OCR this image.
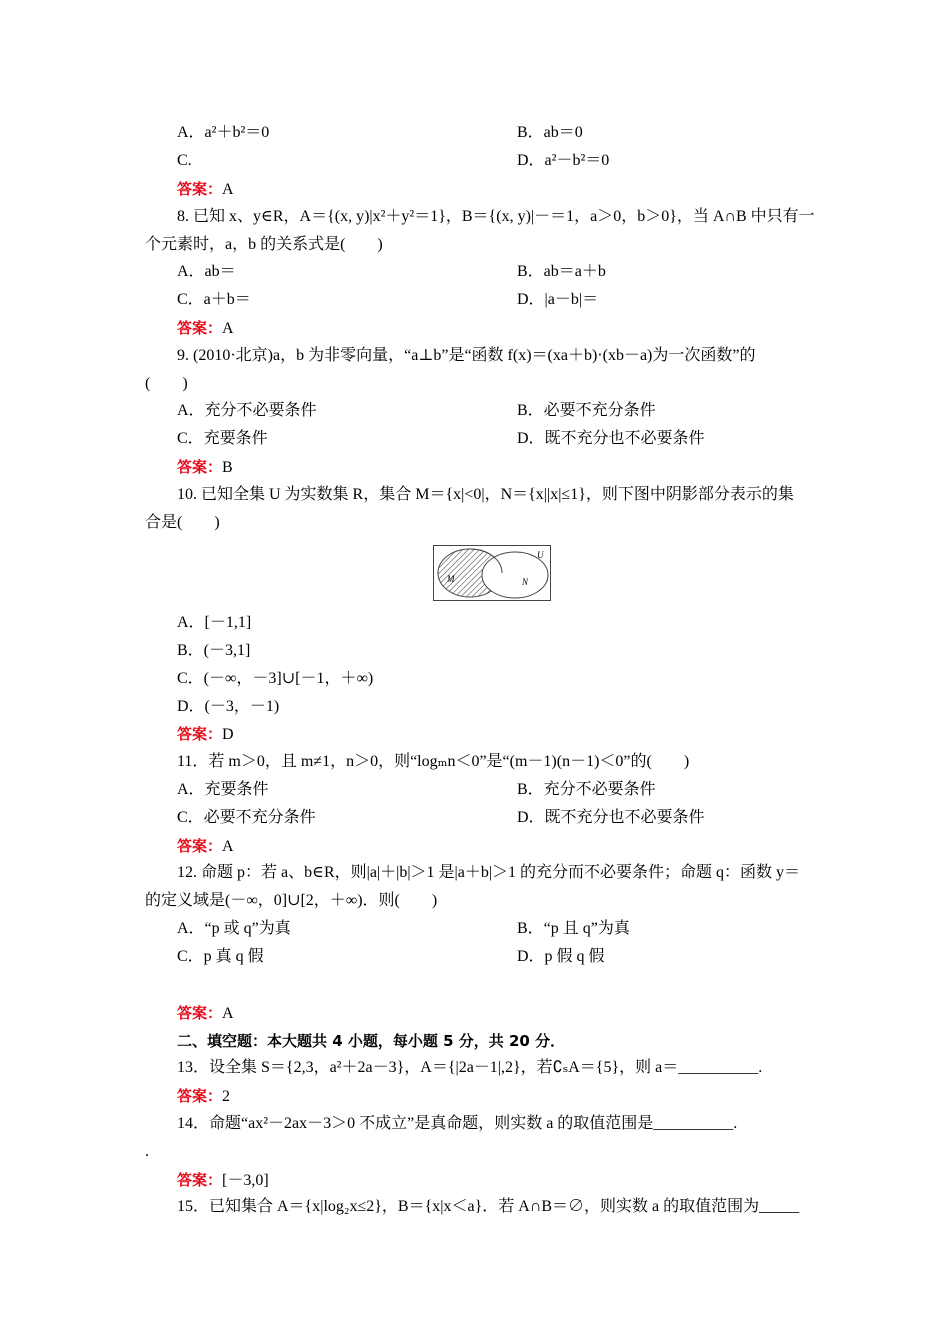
A．a²＋b²＝0	B．ab＝0
C.	D．a²－b²＝0
答案：A
8. 已知 x、y∈R，A＝{(x, y)|x²＋y²＝1}，B＝{(x, y)|－＝1，a＞0，b＞0}，当 A∩B 中只有一
个元素时，a，b 的关系式是(　　)
A．ab＝	B．ab＝a＋b
C．a＋b＝	D．|a－b|＝
答案：A
9. (2010·北京)a，b 为非零向量，“a⊥b”是“函数 f(x)＝(xa＋b)·(xb－a)为一次函数”的
(　　)
A．充分不必要条件	B．必要不充分条件
C．充要条件	D．既不充分也不必要条件
答案：B
10. 已知全集 U 为实数集 R，集合 M＝{x|<0|，N＝{x||x|≤1}，则下图中阴影部分表示的集
合是(　　)
M	N
U
A．[－1,1]
B．(－3,1]
C．(－∞，－3]∪[－1，＋∞)
D．(－3，－1)
答案：D
11．若 m＞0，且 m≠1，n＞0，则“logₘn＜0”是“(m－1)(n－1)＜0”的(　　)
A．充要条件	B．充分不必要条件
C．必要不充分条件	D．既不充分也不必要条件
答案：A
12. 命题 p：若 a、b∈R，则|a|＋|b|＞1 是|a＋b|＞1 的充分而不必要条件；命题 q：函数 y＝
的定义域是(－∞，0]∪[2，＋∞)．则(　　)
A．“p 或 q”为真	B．“p 且 q”为真
C．p 真 q 假	D．p 假 q 假
答案：A
二、填空题：本大题共 4 小题，每小题 5 分，共 20 分．
13．设全集 S＝{2,3，a²＋2a－3}，A＝{|2a－1|,2}，若∁ₛA＝{5}，则 a＝__________.
答案：2
14．命题“ax²－2ax－3＞0 不成立”是真命题，则实数 a 的取值范围是__________.
.
答案：[－3,0]
15．已知集合 A＝{x|log₂x≤2}，B＝{x|x＜a}．若 A∩B＝∅，则实数 a 的取值范围为_____
